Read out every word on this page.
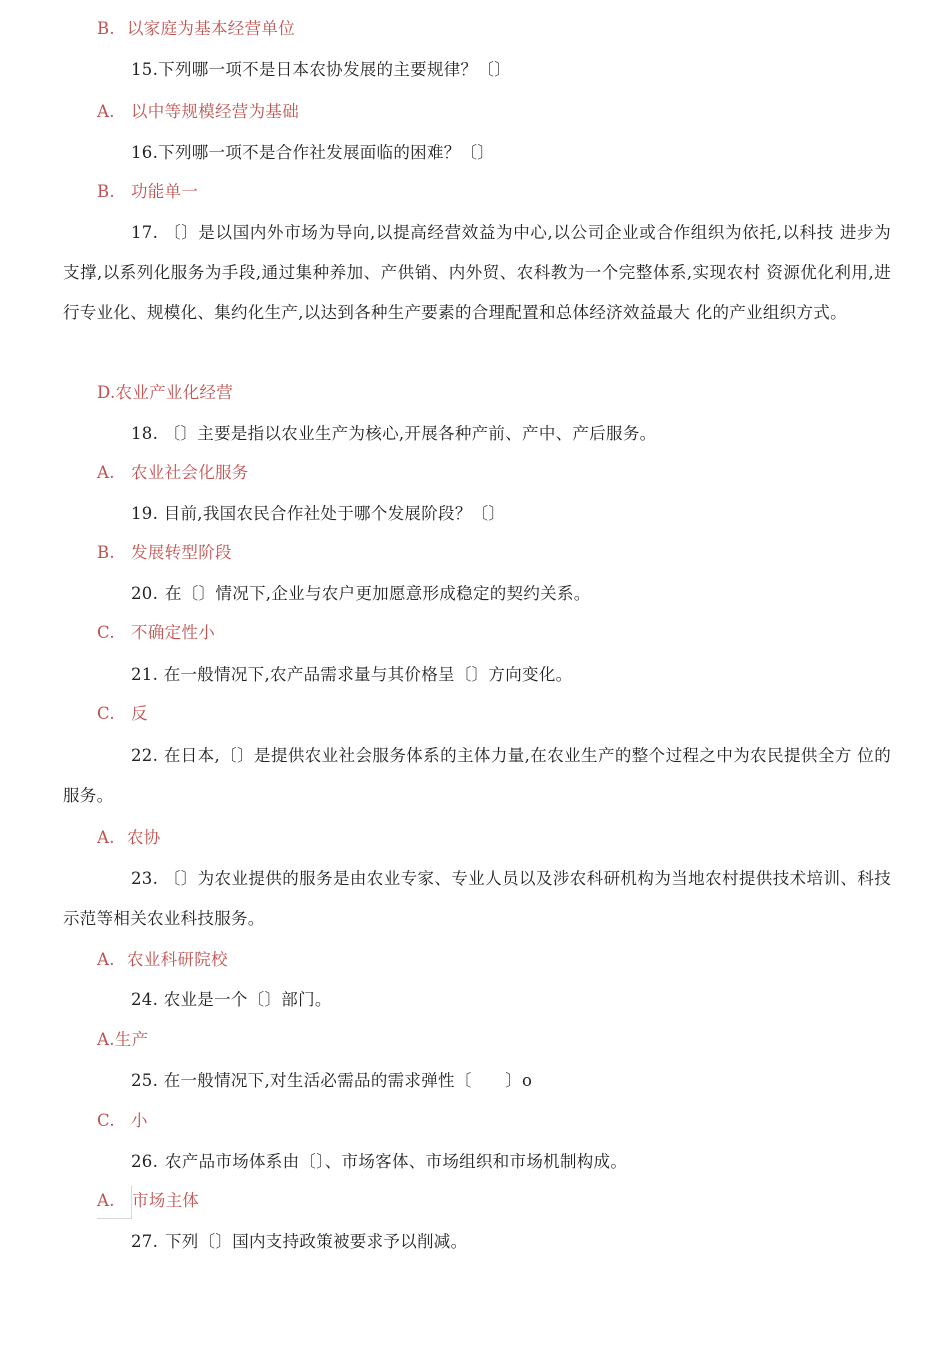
B. 以家庭为基本经营单位

15.下列哪一项不是日本农协发展的主要规律？〔〕

A. 以中等规模经营为基础

16.下列哪一项不是合作社发展面临的困难？〔〕

B. 功能单一

17. 〔〕是以国内外市场为导向,以提高经营效益为中心,以公司企业或合作组织为依托,以科技 进步为支撑,以系列化服务为手段,通过集种养加、产供销、内外贸、农科教为一个完整体系,实现农村 资源优化利用,进行专业化、规模化、集约化生产,以达到各种生产要素的合理配置和总体经济效益最大 化的产业组织方式。

D.农业产业化经营

18. 〔〕主要是指以农业生产为核心,开展各种产前、产中、产后服务。

A. 农业社会化服务

19. 目前,我国农民合作社处于哪个发展阶段？〔〕

B. 发展转型阶段

20. 在〔〕情况下,企业与农户更加愿意形成稳定的契约关系。

C. 不确定性小

21. 在一般情况下,农产品需求量与其价格呈〔〕方向变化。

C. 反

22. 在日本,〔〕是提供农业社会服务体系的主体力量,在农业生产的整个过程之中为农民提供全方 位的服务。

A. 农协

23. 〔〕为农业提供的服务是由农业专家、专业人员以及涉农科研机构为当地农村提供技术培训、科技示范等相关农业科技服务。

A. 农业科研院校

24. 农业是一个〔〕部门。

A.生产

25. 在一般情况下,对生活必需品的需求弹性〔　　〕o

C. 小

26. 农产品市场体系由〔〕、市场客体、市场组织和市场机制构成。

A. 市场主体

27. 下列〔〕国内支持政策被要求予以削减。
